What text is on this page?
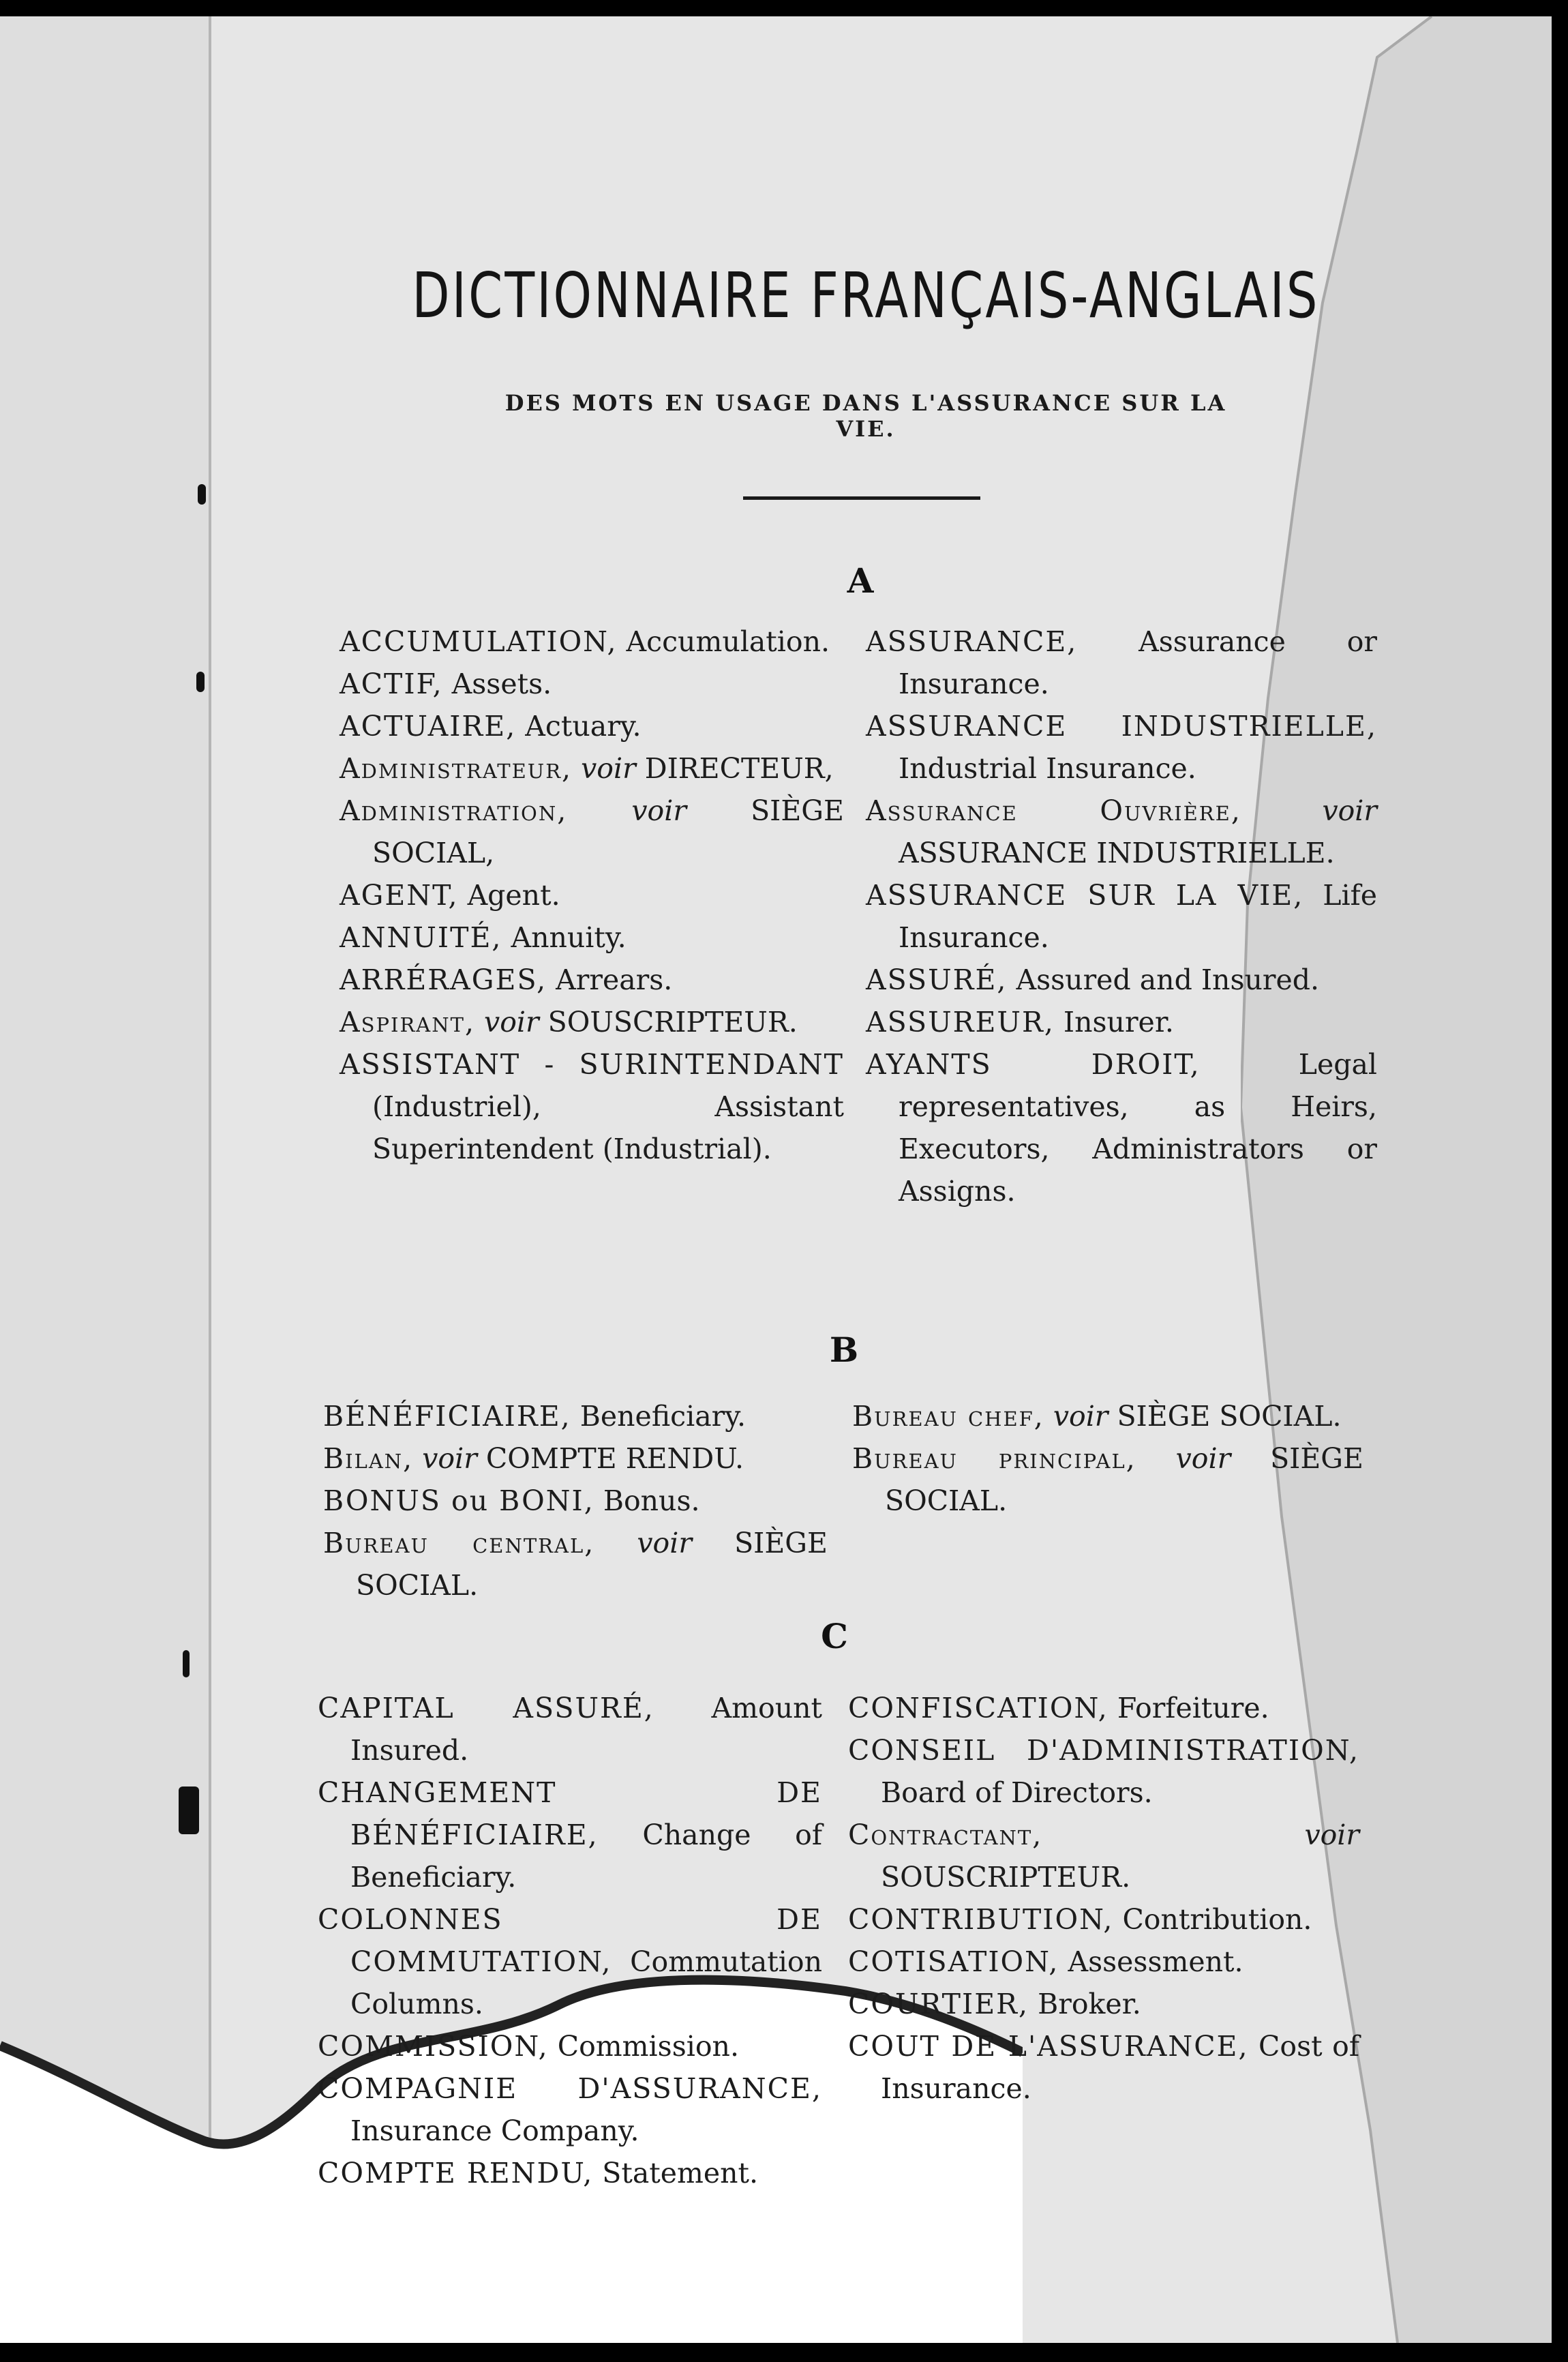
DICTIONNAIRE FRANÇAIS-ANGLAIS
DES MOTS EN USAGE DANS L'ASSURANCE SUR LA VIE.
A

ACCUMULATION, Accumulation.

ACTIF, Assets.

ACTUAIRE, Actuary.

Administrateur, voir DIRECTEUR,

Administration, voir SIÈGE SOCIAL,

AGENT, Agent.

ANNUITÉ, Annuity.

ARRÉRAGES, Arrears.

Aspirant, voir SOUSCRIPTEUR.

ASSISTANT - SURINTENDANT (Industriel), Assistant Superintendent (Industrial).

ASSURANCE, Assurance or Insurance.

ASSURANCE INDUSTRIELLE, Industrial Insurance.

Assurance Ouvrière,	voir ASSURANCE INDUSTRIELLE.

ASSURANCE SUR LA VIE, Life Insurance.

ASSURÉ, Assured and Insured.

ASSUREUR, Insurer.

AYANTS DROIT, Legal representatives, as Heirs, Executors, Administrators or Assigns.

B

BÉNÉFICIAIRE, Beneficiary.

Bilan, voir COMPTE RENDU.

BONUS ou BONI, Bonus.

Bureau central, voir SIÈGE SOCIAL.

Bureau chef, voir SIÈGE SOCIAL.

Bureau principal, voir SIÈGE SOCIAL.

C

CAPITAL ASSURÉ, Amount Insured.

CHANGEMENT DE BÉNÉFICIAIRE, Change of Beneficiary.

COLONNES DE COMMUTATION, Commutation Columns.

COMMISSION, Commission.

COMPAGNIE D'ASSURANCE, Insurance Company.

COMPTE RENDU, Statement.

CONFISCATION, Forfeiture.

CONSEIL D'ADMINISTRATION, Board of Directors.

Contractant,	voir SOUSCRIPTEUR.

CONTRIBUTION, Contribution.

COTISATION, Assessment.

COURTIER, Broker.

COUT DE L'ASSURANCE, Cost of Insurance.
